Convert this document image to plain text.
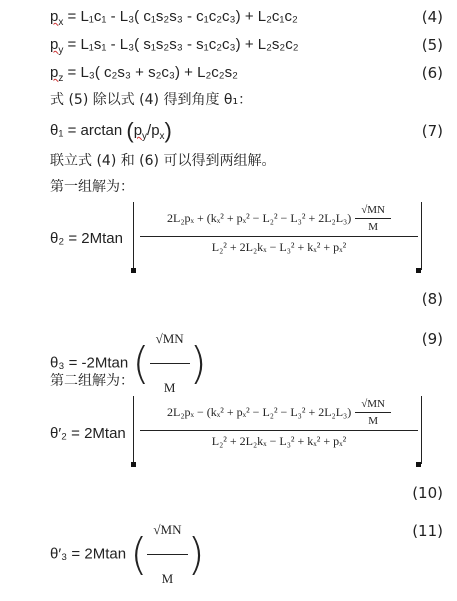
$p_x = L_1c_1 - L_3$( c₁s₂s₃ - c₁c₂c₃) + L₂c₁c₂	(4)
$p_y = L_1s_1 - L_3$( s₁s₂s₃ - s₁c₂c₃) + L₂s₂c₂	(5)
$p_z = L_3$( c₂s₃ + s₂c₃) + L₂c₂s₂	(6)
式 (5) 除以式 (4) 得到角度 θ₁：
$\theta_1 = \arctan (p_y/p_x)$	(7)
联立式 (4) 和 (6) 可以得到两组解。
第一组解为：
θ₂ = 2Mtan
$2L_2p_x + (k_x^2 + p_x^2 - L_2^2 - L_3^2 + 2L_2L_3) \frac{√MN}{M}$
L₂² + 2L₂kₓ − L₃² + kₓ² + pₓ²
(8)
θ₃ = -2Mtan ( $\frac{√MN}{M}$ )	(9)
第二组解为：
θ′₂ = 2Mtan
$2L_2p_x - (k_x^2 + p_x^2 - L_2^2 - L_3^2 + 2L_2L_3) \frac{√MN}{M}$
L₂² + 2L₂kₓ − L₃² + kₓ² + pₓ²
(10)
θ′₃ = 2Mtan ( $\frac{√MN}{M}$ )	(11)
